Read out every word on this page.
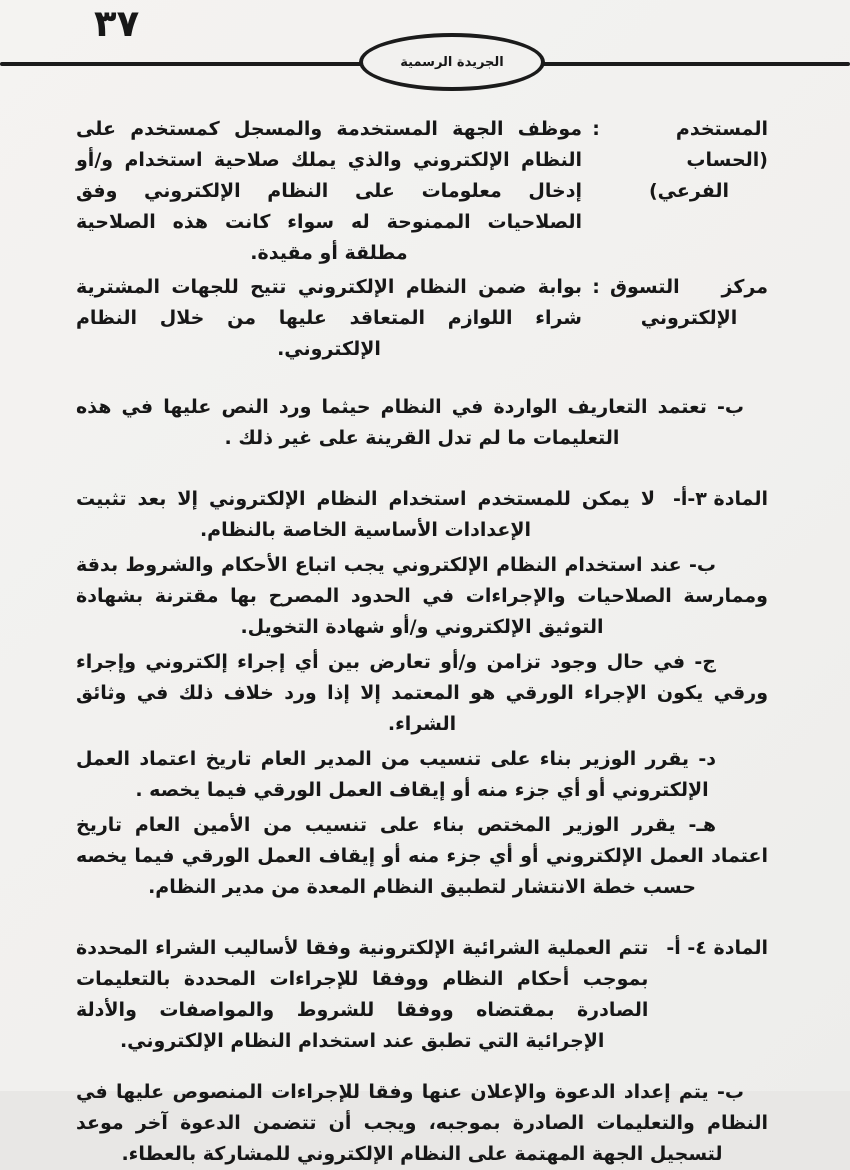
٣٧
الجريدة الرسمية
المستخدم (الحساب الفرعي)
:
موظف الجهة المستخدمة والمسجل كمستخدم على النظام الإلكتروني والذي يملك صلاحية استخدام و/أو إدخال معلومات على النظام الإلكتروني وفق الصلاحيات الممنوحة له سواء كانت هذه الصلاحية مطلقة أو مقيدة.
مركز التسوق الإلكتروني
:
بوابة ضمن النظام الإلكتروني تتيح للجهات المشترية شراء اللوازم المتعاقد عليها من خلال النظام الإلكتروني.

ب- تعتمد التعاريف الواردة في النظام حيثما ورد النص عليها في هذه التعليمات ما لم تدل القرينة على غير ذلك .

المادة ٣-أ-

لا يمكن للمستخدم استخدام النظام الإلكتروني إلا بعد تثبيت الإعدادات الأساسية الخاصة بالنظام.

ب- عند استخدام النظام الإلكتروني يجب اتباع الأحكام والشروط بدقة وممارسة الصلاحيات والإجراءات في الحدود المصرح بها مقترنة بشهادة التوثيق الإلكتروني و/أو شهادة التخويل.

ج- في حال وجود تزامن و/أو تعارض بين أي إجراء إلكتروني وإجراء ورقي يكون الإجراء الورقي هو المعتمد إلا إذا ورد خلاف ذلك في وثائق الشراء.

د- يقرر الوزير بناء على تنسيب من المدير العام تاريخ اعتماد العمل الإلكتروني أو أي جزء منه أو إيقاف العمل الورقي فيما يخصه .

هـ- يقرر الوزير المختص بناء على تنسيب من الأمين العام تاريخ اعتماد العمل الإلكتروني أو أي جزء منه أو إيقاف العمل الورقي فيما يخصه حسب خطة الانتشار لتطبيق النظام المعدة من مدير النظام.

المادة ٤- أ-

تتم العملية الشرائية الإلكترونية وفقا لأساليب الشراء المحددة بموجب أحكام النظام ووفقا للإجراءات المحددة بالتعليمات الصادرة بمقتضاه ووفقا للشروط والمواصفات والأدلة الإجرائية التي تطبق عند استخدام النظام الإلكتروني.

ب- يتم إعداد الدعوة والإعلان عنها وفقا للإجراءات المنصوص عليها في النظام والتعليمات الصادرة بموجبه، ويجب أن تتضمن الدعوة آخر موعد لتسجيل الجهة المهتمة على النظام الإلكتروني للمشاركة بالعطاء.
